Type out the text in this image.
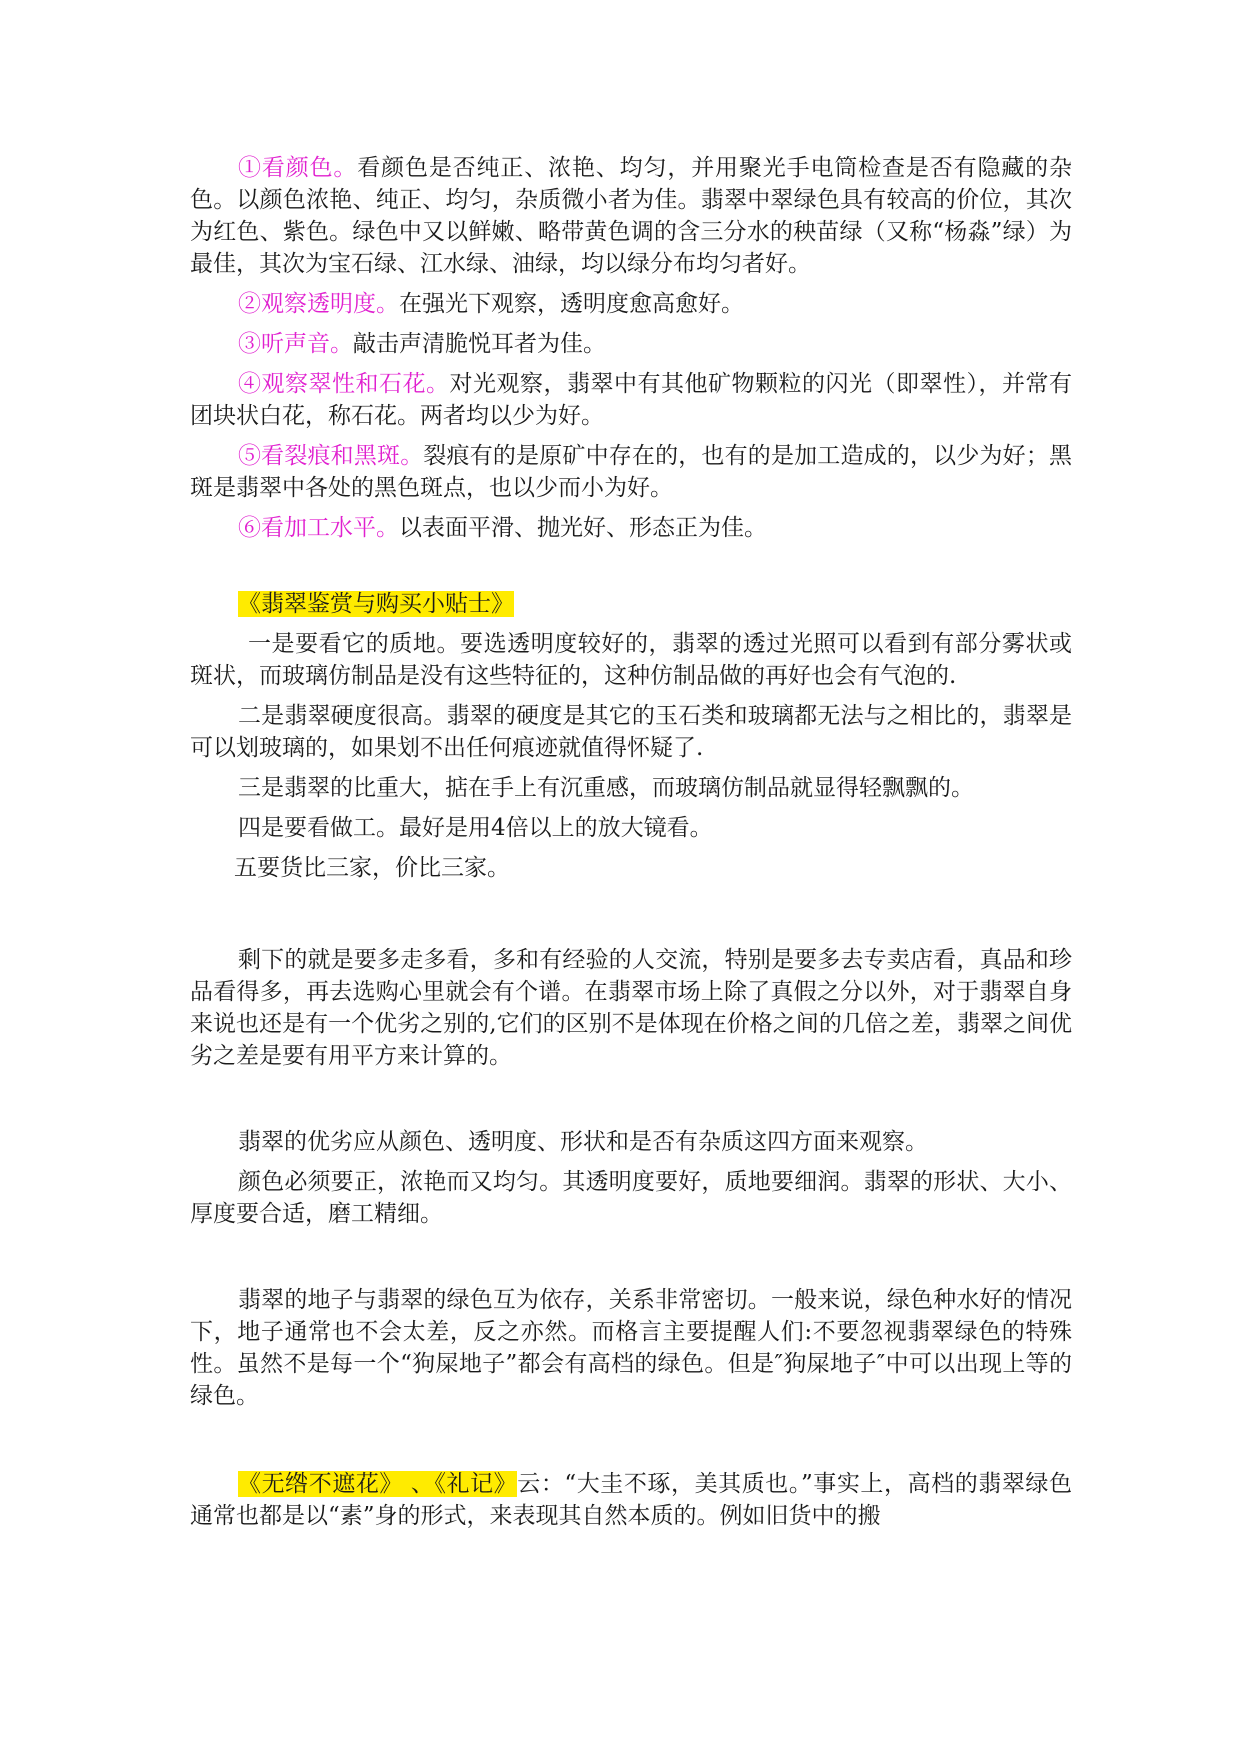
①看颜色。看颜色是否纯正、浓艳、均匀，并用聚光手电筒检查是否有隐藏的杂色。以颜色浓艳、纯正、均匀，杂质微小者为佳。翡翠中翠绿色具有较高的价位，其次为红色、紫色。绿色中又以鲜嫩、略带黄色调的含三分水的秧苗绿（又称“杨淼”绿）为最佳，其次为宝石绿、江水绿、油绿，均以绿分布均匀者好。

②观察透明度。在强光下观察，透明度愈高愈好。

③听声音。敲击声清脆悦耳者为佳。

④观察翠性和石花。对光观察，翡翠中有其他矿物颗粒的闪光（即翠性），并常有团块状白花，称石花。两者均以少为好。

⑤看裂痕和黑斑。裂痕有的是原矿中存在的，也有的是加工造成的，以少为好；黑斑是翡翠中各处的黑色斑点，也以少而小为好。

⑥看加工水平。以表面平滑、抛光好、形态正为佳。

《翡翠鉴赏与购买小贴士》

一是要看它的质地。要选透明度较好的，翡翠的透过光照可以看到有部分雾状或斑状，而玻璃仿制品是没有这些特征的，这种仿制品做的再好也会有气泡的.

二是翡翠硬度很高。翡翠的硬度是其它的玉石类和玻璃都无法与之相比的，翡翠是可以划玻璃的，如果划不出任何痕迹就值得怀疑了.

三是翡翠的比重大，掂在手上有沉重感，而玻璃仿制品就显得轻飘飘的。

四是要看做工。最好是用4倍以上的放大镜看。

五要货比三家，价比三家。

剩下的就是要多走多看，多和有经验的人交流，特别是要多去专卖店看，真品和珍品看得多，再去选购心里就会有个谱。在翡翠市场上除了真假之分以外，对于翡翠自身来说也还是有一个优劣之别的,它们的区别不是体现在价格之间的几倍之差，翡翠之间优劣之差是要有用平方来计算的。

翡翠的优劣应从颜色、透明度、形状和是否有杂质这四方面来观察。

颜色必须要正，浓艳而又均匀。其透明度要好，质地要细润。翡翠的形状、大小、厚度要合适，磨工精细。

翡翠的地子与翡翠的绿色互为依存，关系非常密切。一般来说，绿色种水好的情况下，地子通常也不会太差，反之亦然。而格言主要提醒人们:不要忽视翡翠绿色的特殊性。虽然不是每一个“狗屎地子”都会有高档的绿色。但是″狗屎地子″中可以出现上等的绿色。

《无绺不遮花》 、《礼记》云：“大圭不琢，美其质也。”事实上，高档的翡翠绿色通常也都是以“素”身的形式，来表现其自然本质的。例如旧货中的搬
